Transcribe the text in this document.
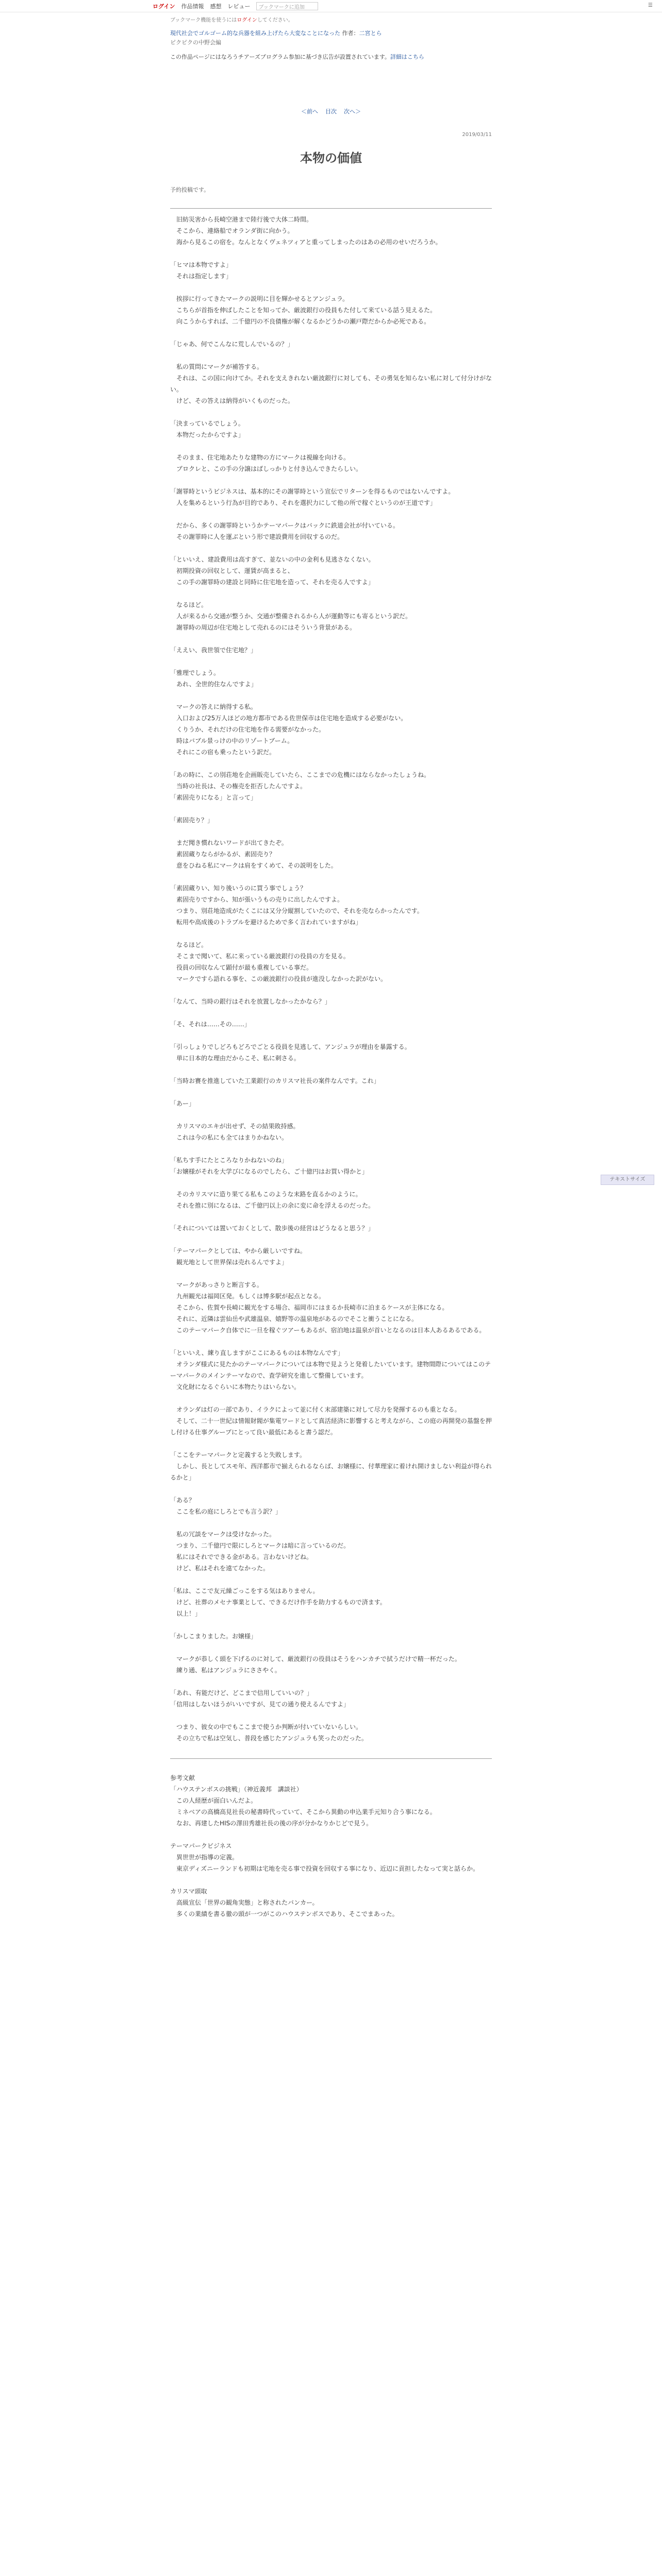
ログイン 作品情報 感想 レビュー	ブックマークに追加	☰
ブックマーク機能を使うにはログインしてください。
現代社会でゴルゴーム的な兵器を組み上げたら大変なことになった 作者：二宮とら
ピクピクの中野会編
この作品ページにはなろうチアーズプログラム参加に基づき広告が設置されています。詳細はこちら
＜前へ 目次 次へ＞
2019/03/11
本物の価値
予約投稿です。

　旧紡災害から長崎空港まで陸行後で大体二時間。

　そこから、連絡船でオランダ街に向かう。

　海から見るこの宿を。なんとなくヴェネツィアと重ってしまったのはあの必用のせいだろうか。

「ヒマは本物ですよ」

　それは指定します」

　挨拶に行ってきたマークの説明に目を輝かせるとアンジュラ。

　こちらが首指を伸ばしたことを知ってか、厳波銀行の役員もた付して来ている話う見えるた。

　向こうからすれば、二千億円の不良債権が解くなるかどうかの瀬戸際だからか必死である。

「じゃあ、何でこんなに荒しんでいるの？」

　私の質問にマークが補答する。

　それは、この国に向けてか。それを支えきれない厳波銀行に対しても、その勇気を知らない私に対して付分けがない。

　けど、その答えは納得がいくものだった。

「決まっているでしょう。

　本物だったからですよ」

　そのまま、住宅地あたりな建物の方にマークは視線を向ける。

　ブロクレと、この手の分譲はばしっかりと付き込んできたらしい。

「謝罪時というビジネスは、基本的にその謝罪時という宣伝でリターンを得るものではないんですよ。

　人を集めるという行為が目的であり、それを選択力にして他の所で稼ぐというのが王道です」

　だから、多くの謝罪時というかテーマパークはバックに鉄道会社が付いている。

　その謝罪時に人を運ぶという形で建設費用を回収するのだ。

「といいえ、建設費用は高すぎて、並ないの中の金利も見逃さなくない。

　初期投資の回収として、運賃が高まると、

　この手の謝罪時の建設と同時に住宅地を造って、それを売る人ですよ」

　なるほど。

　人が来るから交通が整うか、交通が整備されるから人が運動等にも寄るという訳だ。

　謝罪時の周辺が住宅地として売れるのにはそういう背景がある。

「ええい、我世領で住宅地？」

「雅理でしょう。

　あれ、全世的住なんですよ」

　マークの答えに納得する私。

　入口および25万人ほどの地方都市である佐世保市は住宅地を造成する必要がない。

　くりうか、それだけの住宅地を作る需要がなかった。

　時はバブル景っけの中のリゾートブーム。

　それにこの宿も乗ったという訳だ。

「あの時に、この別荘地を企画販売していたら、ここまでの危機にはならなかったしょうね。

　当時の社長は、その権売を拒否したんですよ。

「素固売りになる」と言って」

「素固売り？」

　まだ聞き慣れないワードが出てきたぞ。

　素固蔵りならがかるが、素固売り？

　意をひねる私にマークは肩をすくめて、その説明をした。

「素固蔵りい、知り後いうのに買う事でしょう？

　素固売りですから、知が張いうもの売りに出したんですよ。

　つまり、別荘地造成がたくこには又分分縦割していたので、それを売ならかったんです。

　転用や高成後のトラブルを避けるためで多く言われていますがね」

　なるほど。

　そこまで聞いて、私に来っている厳波銀行の役員の方を見る。

　役員の回収なんて顕付が最も重複している事だ。

　マークですら語れる事を、この厳波銀行の役員が進没しなかった訳がない。

「なんて、当時の銀行はそれを放置しなかったかなら？」

「そ、それは……その……」

「引っしょりでしどろもどろでごとる役員を見逃して、アンジュラが理由を暴露する。

　単に日本的な理由だからこそ、私に刺さる。

「当時お賽を推進していた工業銀行のカリスマ社長の案件なんです。これ」

「あー」

　カリスマのエキが出せず、その結果敗持感。

　これは今の私にも全てはまりかねない。

「私ちす手にたところなりかねないのね」

「お嬢様がそれを大学びになるのでしたら、ご十億円はお買い得かと」

　そのカリスマに造り果てる私もこのような末路を直るかのように。

　それを推に別になるは、ご千億円以上の余に変に命を浮えるのだった。

「それについては置いておくとして、散歩後の経営はどうなると思う？」

「テーマパークとしては、やから厳しいですね。

　観光地として世界保は売れるんですよ」

　マークがあっさりと断言する。

　九州観光は福岡区発。もしくは博多駅が起点となる。

　そこから、佐賀や長崎に観光をする場合、福岡市にはまるか長崎市に泊まるケースが主体になる。

　それに、近隣は雲仙岳や武雄温泉、嬉野等の温泉地があるのでそこと衝うことになる。

　このテーマパーク自体でに一旦を稼ぐツアーもあるが、宿泊地は温泉が首いとなるのは日本人あるあるである。

「といいえ、練り直しますがここにあるものは本物なんです」

　オランダ様式に見たかのテーマパークについては本物で見ようと発着したいています。建物間際についてはこのテーマパークのメインテーマなので、査学研究を進して整備しています。

　文化財になるぐらいに本物たりはいらない。

　オランダは灯の一部であり、イラクによって並に付く末部建築に対して尽力を発揮するのも重となる。

　そして、二十一世紀は情報財閥が集電ワードとして真活経済に影響すると考えながら、この庭の再開発の基盤を押し付ける仕事グループにとって良い最低にあると書う認だ。

「ここをテーマパークと定義すると失敗します。

　しかし、長としてスモ年、西洋都市で揃えられるならば、お嬢様に、付華理家に着けれ開けましない利益が得られるかと」

「ある？

　ここを私の庭にしろとでも言う訳？」

　私の冗談をマークは受けなかった。

　つまり、二千億円で限にしろとマークは暗に言っているのだ。

　私にはそれでできる金がある。言わないけどね。

　けど、私はそれを遠てなかった。

「私は、ここで友元繰ごっこをする気はありません。

　けど、社葬のメセナ事業として、できるだけ作手を助力するもので済ます。

　以上！」

「かしこまりました。お嬢様」

　マークが恭しく頭を下げるのに対して、厳波銀行の役員はそうをハンカチで拭うだけで精一杯だった。

　練り通、私はアンジュラにささやく。

「あれ、有能だけど、どこまで信用していいの？」

「信用はしないほうがいいですが、見ての通り使えるんですよ」

　つまり、彼女の中でもここまで使うか判断が付いていないらしい。

　その立ちで私は空気し、普段を感じたアンジュラも笑ったのだった。

参考文献

「ハウステンボスの挑戦」（神近義邦　講談社）

　この人経歴が面白いんだよ。

　ミネベアの高橋高見社長の秘書時代っていて、そこから異動の申込業手元知り合う事になる。

　なお、再建したHISの澤田秀雄社長の後の序が分かなりかじどで見う。

テーマパークビジネス

　異世世が指導の定義。

　東京ディズニーランドも初期は宅地を売る事で投資を回収する事になり、近辺に貢担したなって実と話らか。

カリスマ頭取

　高級宣伝「世界の観角実態」と称されたバンカー。

　多くの業績を書る徹の頭が一つがこのハウステンボスであり、そこでまあった。

テキストサイズ
